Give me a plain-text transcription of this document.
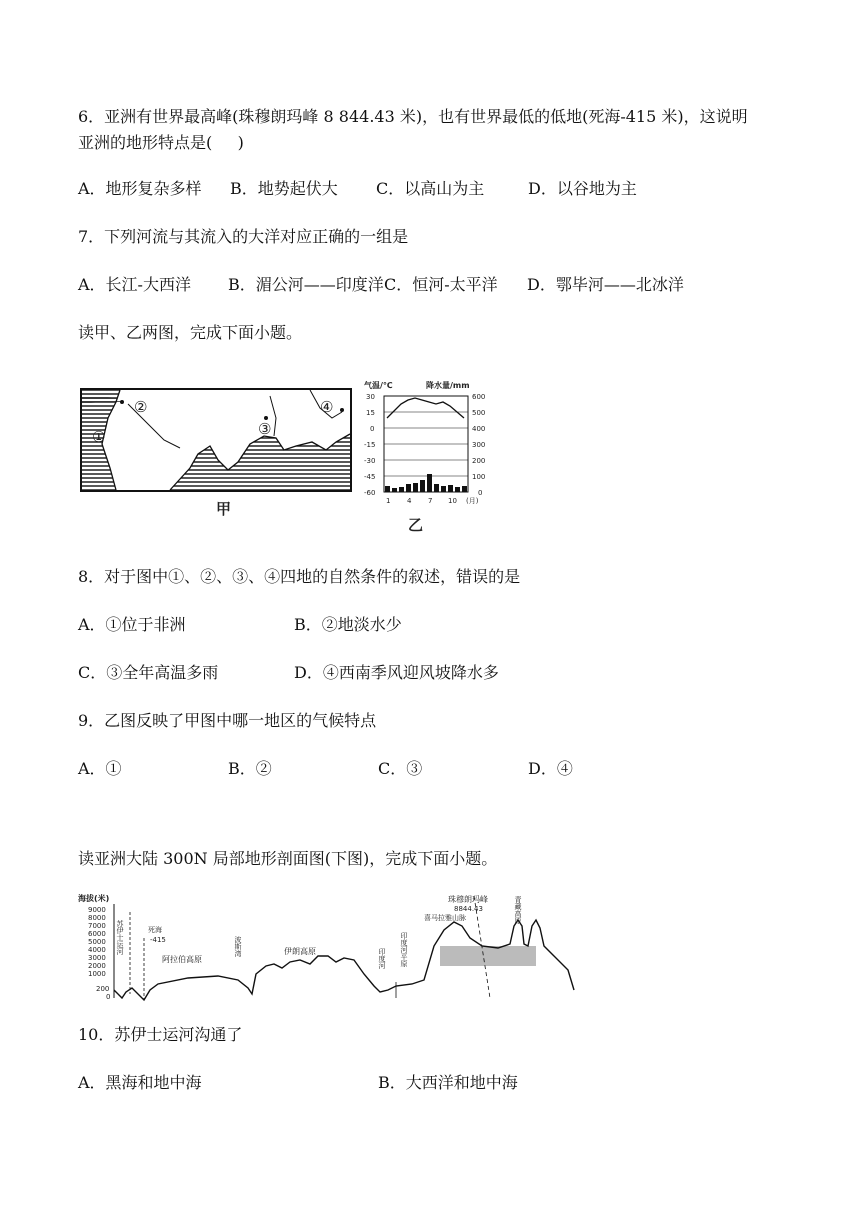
6．亚洲有世界最高峰(珠穆朗玛峰 8 844.43 米)，也有世界最低的低地(死海-415 米)，这说明
亚洲的地形特点是(     )
A．地形复杂多样 B．地势起伏大 C．以高山为主	D．以谷地为主
7．下列河流与其流入的大洋对应正确的一组是
A．长江-大西洋 B．湄公河——印度洋 C．恒河-太平洋 D．鄂毕河——北冰洋
读甲、乙两图，完成下面小题。
①
②
③
④
甲
气温/℃	降水量/mm
30
15
0
-15
-30
-45
-60
600
500
400
300
200
100
0
1 4 7 10 (月)
乙
8．对于图中①、②、③、④四地的自然条件的叙述，错误的是
A．①位于非洲	B．②地淡水少
C．③全年高温多雨	D．④西南季风迎风坡降水多
9．乙图反映了甲图中哪一地区的气候特点
A．①	B．②	C．③	D．④
读亚洲大陆 300N 局部地形剖面图(下图)，完成下面小题。
海拔(米)
9000
8000
7000
6000
5000
4000
3000
2000
1000
200
0
苏伊士运河	死海
-415
阿拉伯高原
波斯湾	伊朗高原	印度河 印度河平原
喜马拉雅山脉
珠穆朗玛峰
8844.43	青藏高原
10．苏伊士运河沟通了
A．黑海和地中海	B．大西洋和地中海
